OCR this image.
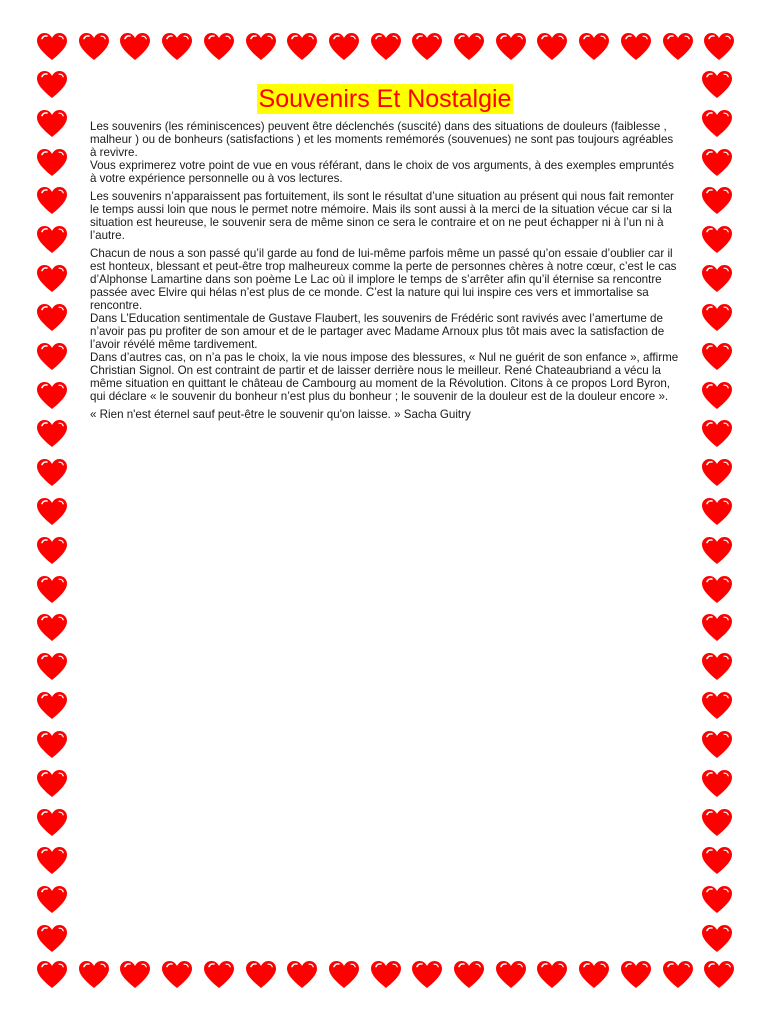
Souvenirs Et Nostalgie

Les souvenirs (les réminiscences) peuvent être déclenchés (suscité) dans des situations de douleurs (faiblesse , malheur ) ou de bonheurs (satisfactions ) et les moments remémorés (souvenues) ne sont pas toujours agréables à revivre.
Vous exprimerez votre point de vue en vous référant, dans le choix de vos arguments, à des exemples empruntés à votre expérience personnelle ou à vos lectures.

Les souvenirs n’apparaissent pas fortuitement, ils sont le résultat d’une situation au présent qui nous fait remonter le temps aussi loin que nous le permet notre mémoire. Mais ils sont aussi à la merci de la situation vécue car si la situation est heureuse, le souvenir sera de même sinon ce sera le contraire et on ne peut échapper ni à l’un ni à l’autre.

Chacun de nous a son passé qu’il garde au fond de lui-même parfois même un passé qu’on essaie d’oublier car il est honteux, blessant et peut-être trop malheureux comme la perte de personnes chères à notre cœur, c’est le cas d’Alphonse Lamartine dans son poème Le Lac où il implore le temps de s’arrêter afin qu’il éternise sa rencontre passée avec Elvire qui hélas n’est plus de ce monde. C’est la nature qui lui inspire ces vers et immortalise sa rencontre.
Dans L’Education sentimentale de Gustave Flaubert, les souvenirs de Frédéric sont ravivés avec l’amertume de n’avoir pas pu profiter de son amour et de le partager avec Madame Arnoux plus tôt mais avec la satisfaction de l’avoir révélé même tardivement.
Dans d’autres cas, on n’a pas le choix, la vie nous impose des blessures, « Nul ne guérit de son enfance », affirme Christian Signol. On est contraint de partir et de laisser derrière nous le meilleur. René Chateaubriand a vécu la même situation en quittant le château de Cambourg au moment de la Révolution. Citons à ce propos Lord Byron, qui déclare « le souvenir du bonheur n’est plus du bonheur ; le souvenir de la douleur est de la douleur encore ».

« Rien n'est éternel sauf peut-être le souvenir qu'on laisse. » Sacha Guitry
